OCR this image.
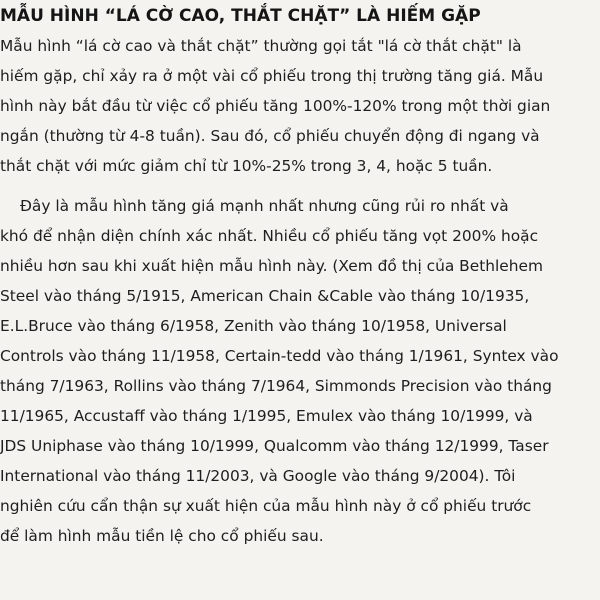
MẪU HÌNH “LÁ CỜ CAO, THẮT CHẶT” LÀ HIẾM GẶP

Mẫu hình “lá cờ cao và thắt chặt” thường gọi tắt "lá cờ thắt chặt" là

hiếm gặp, chỉ xảy ra ở một vài cổ phiếu trong thị trường tăng giá. Mẫu

hình này bắt đầu từ việc cổ phiếu tăng 100%-120% trong một thời gian

ngắn (thường từ 4-8 tuần). Sau đó, cổ phiếu chuyển động đi ngang và

thắt chặt với mức giảm chỉ từ 10%-25% trong 3, 4, hoặc 5 tuần.

Đây là mẫu hình tăng giá mạnh nhất nhưng cũng rủi ro nhất và

khó để nhận diện chính xác nhất. Nhiều cổ phiếu tăng vọt 200% hoặc

nhiều hơn sau khi xuất hiện mẫu hình này. (Xem đồ thị của Bethlehem

Steel vào tháng 5/1915, American Chain &Cable vào tháng 10/1935,

E.L.Bruce vào tháng 6/1958, Zenith vào tháng 10/1958, Universal

Controls vào tháng 11/1958, Certain-tedd vào tháng 1/1961, Syntex vào

tháng 7/1963, Rollins vào tháng 7/1964, Simmonds Precision vào tháng

11/1965, Accustaff vào tháng 1/1995, Emulex vào tháng 10/1999, và

JDS Uniphase vào tháng 10/1999, Qualcomm vào tháng 12/1999, Taser

International vào tháng 11/2003, và Google vào tháng 9/2004). Tôi

nghiên cứu cẩn thận sự xuất hiện của mẫu hình này ở cổ phiếu trước

để làm hình mẫu tiền lệ cho cổ phiếu sau.
